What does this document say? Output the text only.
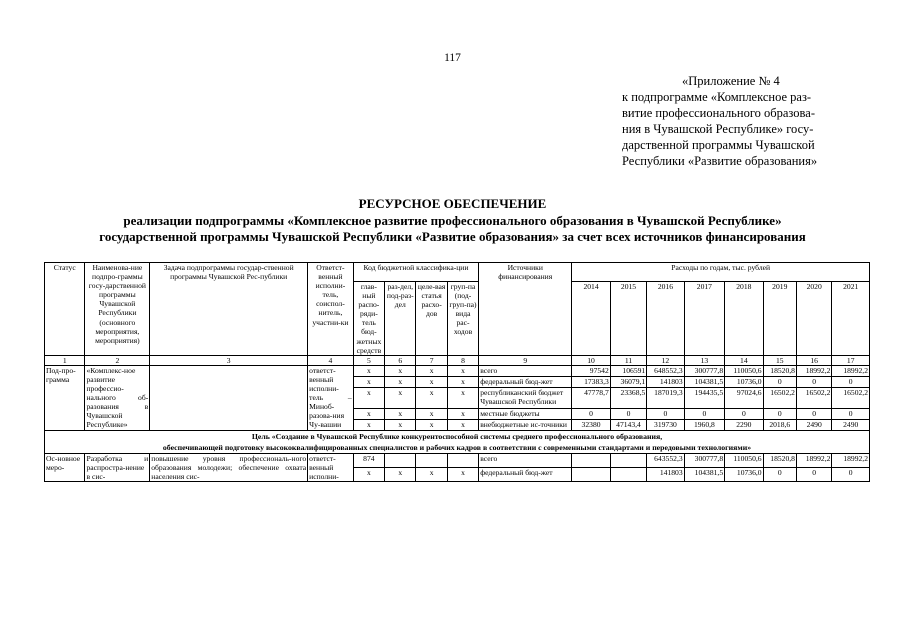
117
«Приложение № 4
к подпрограмме «Комплексное раз-
витие профессионального образова-
ния в Чувашской Республике» госу-
дарственной программы Чувашской
Республики «Развитие образования»
РЕСУРСНОЕ ОБЕСПЕЧЕНИЕ
реализации подпрограммы «Комплексное развитие профессионального образования в Чувашской Республике»
государственной программы Чувашской Республики «Развитие образования» за счет всех источников финансирования
Статус	Наименова-ние подпро-граммы госу-дарственной программы Чувашской Республики (основного мероприятия, мероприятия)	Задача подпрограммы государ-ственной программы Чувашской Рес-публики	Ответст-венный исполни-тель, соиспол-нитель, участни-ки	Код бюджетной классифика-ции				Источники финансирования	Расходы по годам, тыс. рублей							
				глав-ный распо-ряди-тель бюд-жетных средств	раз-дел, под-раз-дел	целе-вая статья расхо-дов	груп-па (под-груп-па) вида рас-ходов		2014	2015	2016	2017	2018	2019	2020	2021
1	2	3	4	5	6	7	8	9	10	11	12	13	14	15	16	17
Под-про-грамма	«Комплекс-ное развитие профессио-нального об-разования в Чувашской Республике»		ответст-венный исполни-тель – Миноб-разова-ния Чу-вашии	x	x	x	x	всего	97542	106591	648552,3	300777,8	110050,6	18520,8	18992,2	18992,2
				x	x	x	x	федеральный бюд-жет	17383,3	36079,1	141803	104381,5	10736,0	0	0	0
				x	x	x	x	республиканский бюджет Чувашской Республики	47778,7	23368,5	187019,3	194435,5	97024,6	16502,2	16502,2	16502,2
				x	x	x	x	местные бюджеты	0	0	0	0	0	0	0	0
				x	x	x	x	внебюджетные ис-точники	32380	47143,4	319730	1960,8	2290	2018,6	2490	2490

Цель «Создание в Чувашской Республике конкурентоспособной системы среднего профессионального образования,
обеспечивающей подготовку высококвалифицированных специалистов и рабочих кадров в соответствии с современными стандартами и передовыми технологиями»																

Ос-новное меро-	Разработка и распростра-нение в сис-	повышение уровня профессиональ-ного образования молодежи; обеспечение охвата населения сис-	ответст-венный исполни-	874				всего			643552,3	300777,8	110050,6	18520,8	18992,2	18992,2
				x	x	x	x	федеральный бюд-жет			141803	104381,5	10736,0	0	0	0
